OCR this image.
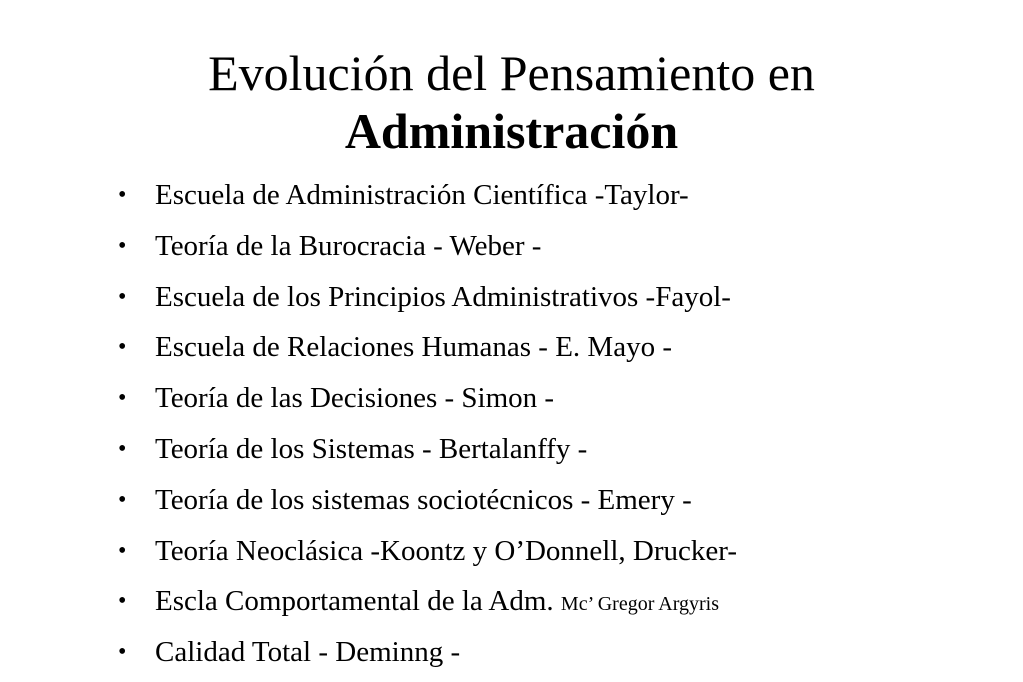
Evolución del Pensamiento en
Administración
• Escuela de Administración Científica -Taylor-
• Teoría de la Burocracia - Weber -
• Escuela de los Principios Administrativos -Fayol-
• Escuela de Relaciones Humanas - E. Mayo -
• Teoría de las Decisiones - Simon -
• Teoría de los Sistemas - Bertalanffy -
• Teoría de los sistemas sociotécnicos - Emery -
• Teoría Neoclásica -Koontz y O’Donnell, Drucker-
• Escla Comportamental de la Adm. Mc’ Gregor Argyris
• Calidad Total - Deminng -
